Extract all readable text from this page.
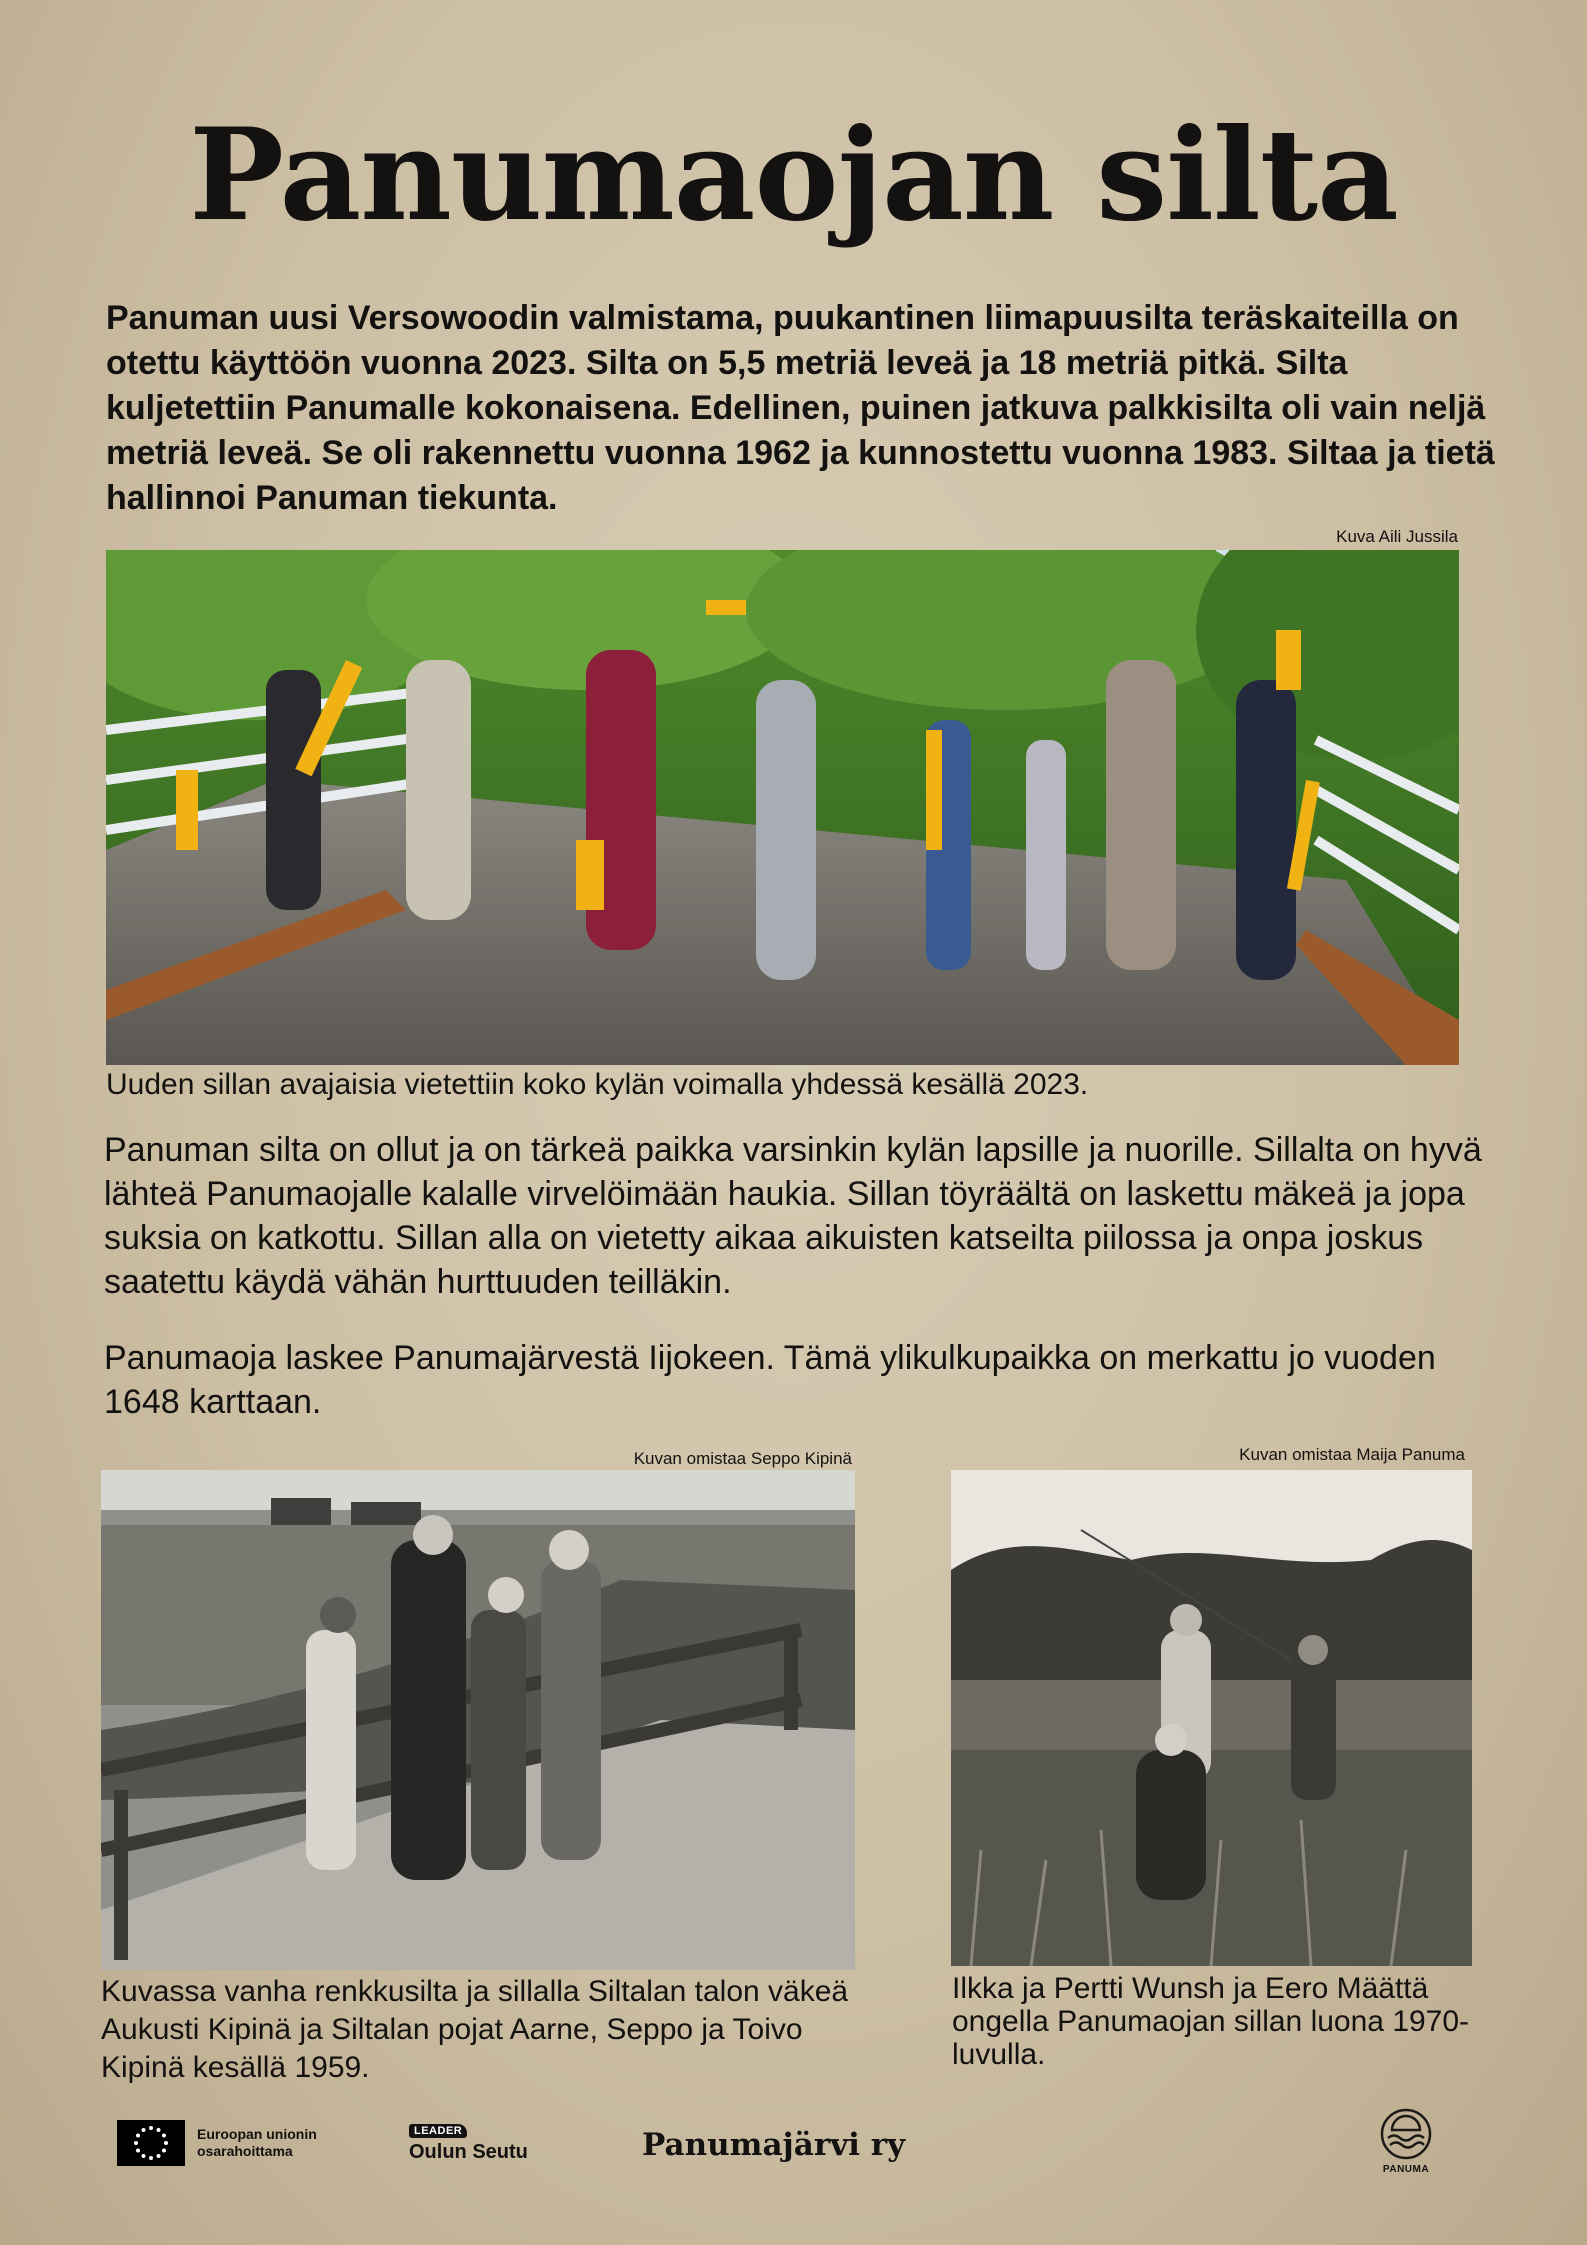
Panumaojan silta

Panuman uusi Versowoodin valmistama, puukantinen liimapuusilta teräskaiteilla on otettu käyttöön vuonna 2023. Silta on 5,5 metriä leveä ja 18 metriä pitkä. Silta kuljetettiin Panumalle kokonaisena. Edellinen, puinen jatkuva palkkisilta oli vain neljä metriä leveä. Se oli rakennettu vuonna 1962 ja kunnostettu vuonna 1983. Siltaa ja tietä hallinnoi Panuman tiekunta.

Kuva Aili Jussila

Uuden sillan avajaisia vietettiin koko kylän voimalla yhdessä kesällä 2023.

Panuman silta on ollut ja on tärkeä paikka varsinkin kylän lapsille ja nuorille. Sillalta on hyvä lähteä Panumaojalle kalalle virvelöimään haukia. Sillan töyräältä on laskettu mäkeä ja jopa suksia on katkottu. Sillan alla on vietetty aikaa aikuisten katseilta piilossa ja onpa joskus saatettu käydä vähän hurttuuden teilläkin.

Panumaoja laskee Panumajärvestä Iijokeen. Tämä ylikulkupaikka on merkattu jo vuoden 1648 karttaan.

Kuvan omistaa Seppo Kipinä

Kuvassa vanha renkkusilta ja sillalla Siltalan talon väkeä Aukusti Kipinä ja Siltalan pojat Aarne, Seppo ja Toivo Kipinä kesällä 1959.

Kuvan omistaa Maija Panuma

Ilkka ja Pertti Wunsh ja Eero Määttä ongella Panumaojan sillan luona 1970-luvulla.

Euroopan unionin
osarahoittama
LEADER
Oulun Seutu	Panumajärvi ry
PANUMA
